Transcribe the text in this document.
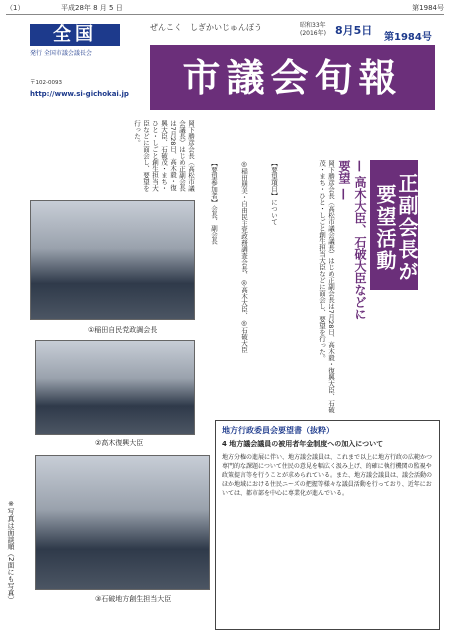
（1）	平成28年 8 月 5 日	第1984号
全国
発行 全国市議会議長会
ぜんこく　しぎかいじゅんぽう	昭和33年
(2016年) 8月5日
第1984号
市議会旬報
〒102-0093
http://www.si-gichokai.jp
正副会長が要望活動
— 高木大臣、石破大臣などに要望 —
岡下勝彦会長（高松市議会議長）はじめ正副会長は7月28日、高木毅・復興大臣、石破茂・まち・ひと・しごと創生担当大臣などに面会し、要望を行った。
【要望項目】について
◎稲田朋美・自由民主党政務調査会長、◎高木大臣、◎石破大臣
【要望参加者】会長、副会長
岡下勝彦会長（高松市議会議長）はじめ正副会長は7月28日、高木毅・復興大臣、石破茂・まち・ひと・しごと創生担当大臣などに面会し、要望を行った。
①稲田自民党政調会長
②高木復興大臣
③石破地方創生担当大臣
※写真は面談順（2面にも写真）
地方行政委員会要望書（抜粋）
4 地方議会議員の被用者年金制度への加入について
地方分権の進展に伴い、地方議会議員は、これまで以上に地方行政の広範かつ専門的な課題について住民の意見を幅広く汲み上げ、的確に執行機関の監視や政策提言等を行うことが求められている。また、地方議会議員は、議会活動のほか地域における住民ニーズの把握等様々な議員活動を行っており、近年においては、都市部を中心に専業化が進んでいる。
